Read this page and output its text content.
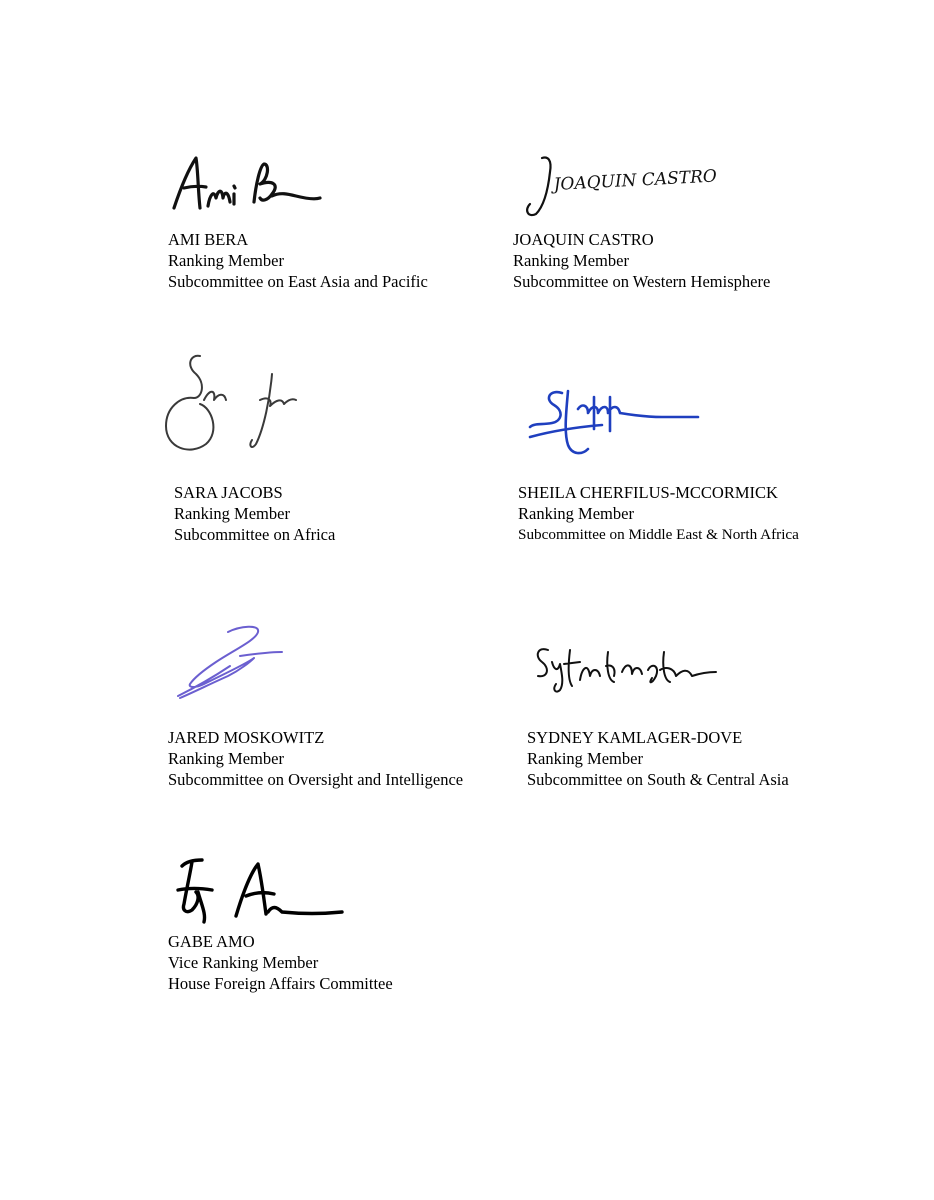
AMI BERA
Ranking Member
Subcommittee on East Asia and Pacific
JOAQUIN CASTRO
JOAQUIN CASTRO
Ranking Member
Subcommittee on Western Hemisphere
SARA JACOBS
Ranking Member
Subcommittee on Africa
SHEILA CHERFILUS-MCCORMICK
Ranking Member
Subcommittee on Middle East & North Africa
JARED MOSKOWITZ
Ranking Member
Subcommittee on Oversight and Intelligence
SYDNEY KAMLAGER-DOVE
Ranking Member
Subcommittee on South & Central Asia
GABE AMO
Vice Ranking Member
House Foreign Affairs Committee
